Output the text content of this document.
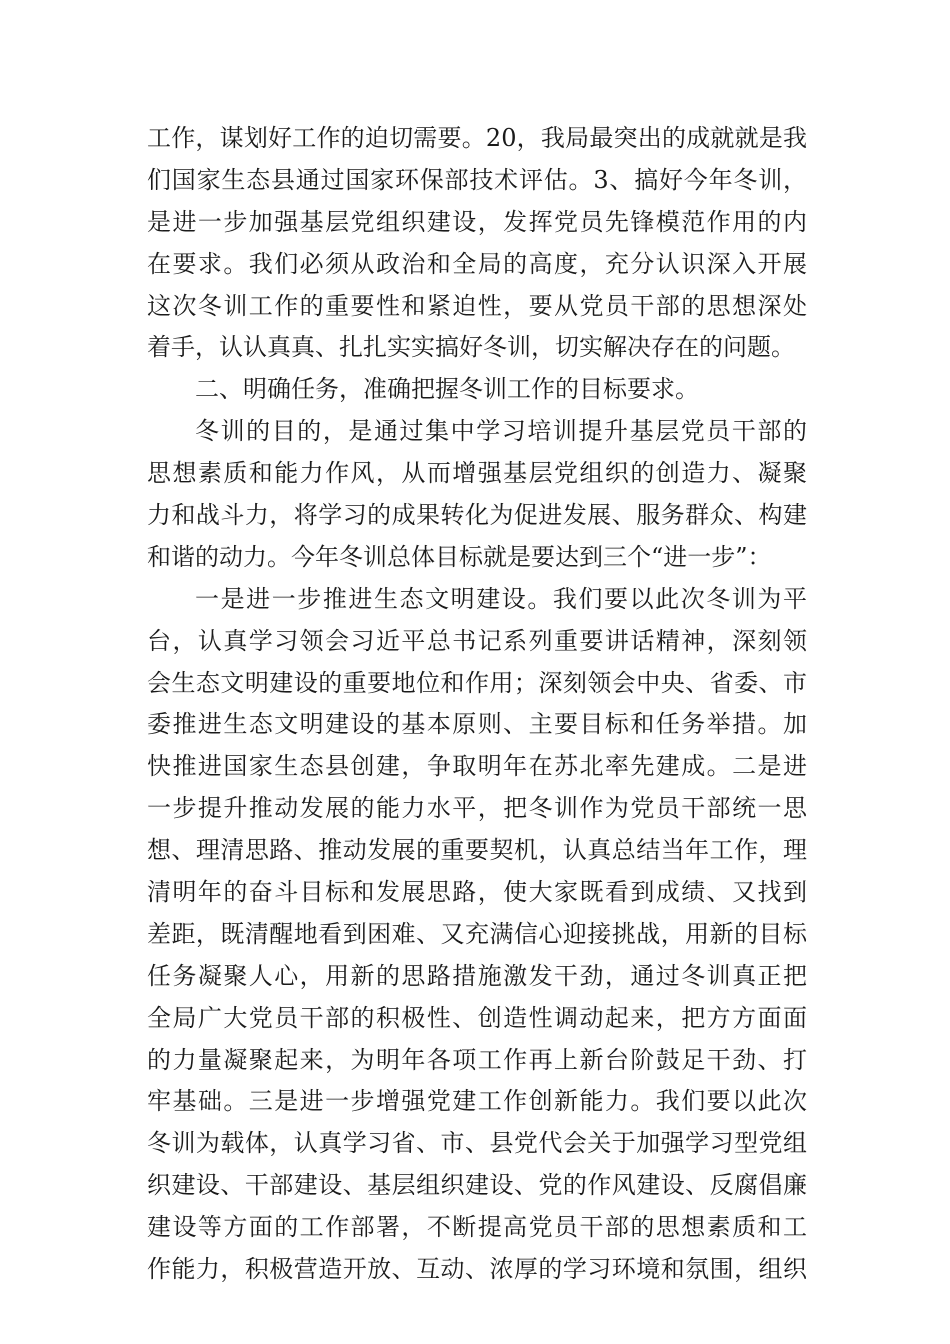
工作，谋划好工作的迫切需要。20，我局最突出的成就就是我
们国家生态县通过国家环保部技术评估。3、搞好今年冬训，
是进一步加强基层党组织建设，发挥党员先锋模范作用的内
在要求。我们必须从政治和全局的高度，充分认识深入开展
这次冬训工作的重要性和紧迫性，要从党员干部的思想深处
着手，认认真真、扎扎实实搞好冬训，切实解决存在的问题。
二、明确任务，准确把握冬训工作的目标要求。
冬训的目的，是通过集中学习培训提升基层党员干部的
思想素质和能力作风，从而增强基层党组织的创造力、凝聚
力和战斗力，将学习的成果转化为促进发展、服务群众、构建
和谐的动力。今年冬训总体目标就是要达到三个“进一步”：
一是进一步推进生态文明建设。我们要以此次冬训为平
台，认真学习领会习近平总书记系列重要讲话精神，深刻领
会生态文明建设的重要地位和作用；深刻领会中央、省委、市
委推进生态文明建设的基本原则、主要目标和任务举措。加
快推进国家生态县创建，争取明年在苏北率先建成。二是进
一步提升推动发展的能力水平，把冬训作为党员干部统一思
想、理清思路、推动发展的重要契机，认真总结当年工作，理
清明年的奋斗目标和发展思路，使大家既看到成绩、又找到
差距，既清醒地看到困难、又充满信心迎接挑战，用新的目标
任务凝聚人心，用新的思路措施激发干劲，通过冬训真正把
全局广大党员干部的积极性、创造性调动起来，把方方面面
的力量凝聚起来，为明年各项工作再上新台阶鼓足干劲、打
牢基础。三是进一步增强党建工作创新能力。我们要以此次
冬训为载体，认真学习省、市、县党代会关于加强学习型党组
织建设、干部建设、基层组织建设、党的作风建设、反腐倡廉
建设等方面的工作部署，不断提高党员干部的思想素质和工
作能力，积极营造开放、互动、浓厚的学习环境和氛围，组织
